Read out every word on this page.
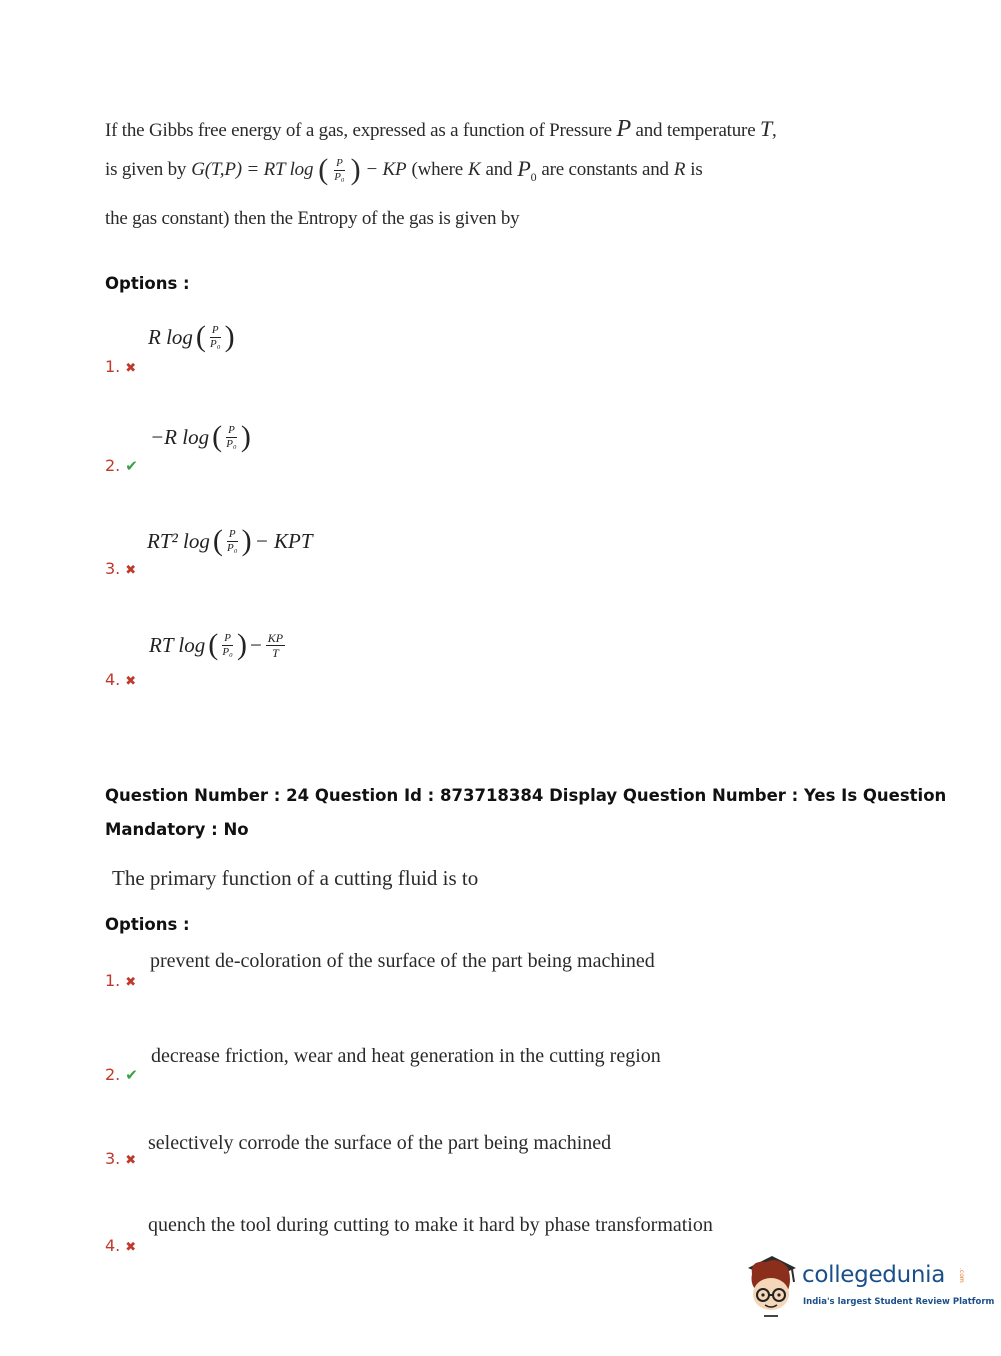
If the Gibbs free energy of a gas, expressed as a function of Pressure P and temperature T,
is given by G(T,P) = RT log ( $\frac{P}{\text{P₀}}$ ) − KP (where K and $P_0$ are constants and R is
the gas constant) then the Entropy of the gas is given by
Options :
R log ( $\frac{P}{\text{P₀}}$ )
1. ✖
−R log ( $\frac{P}{\text{P₀}}$ )
2. ✔
RT² log ( $\frac{P}{\text{P₀}}$ ) − KPT
3. ✖
RT log ( $\frac{P}{\text{P₀}}$ ) − $\frac{KP}{T}$
4. ✖
Question Number : 24 Question Id : 873718384 Display Question Number : Yes Is Question
Mandatory : No
The primary function of a cutting fluid is to
Options :
prevent de-coloration of the surface of the part being machined
1. ✖
decrease friction, wear and heat generation in the cutting region
2. ✔
selectively corrode the surface of the part being machined
3. ✖
quench the tool during cutting to make it hard by phase transformation
4. ✖
collegedunia .com
India's largest Student Review Platform
